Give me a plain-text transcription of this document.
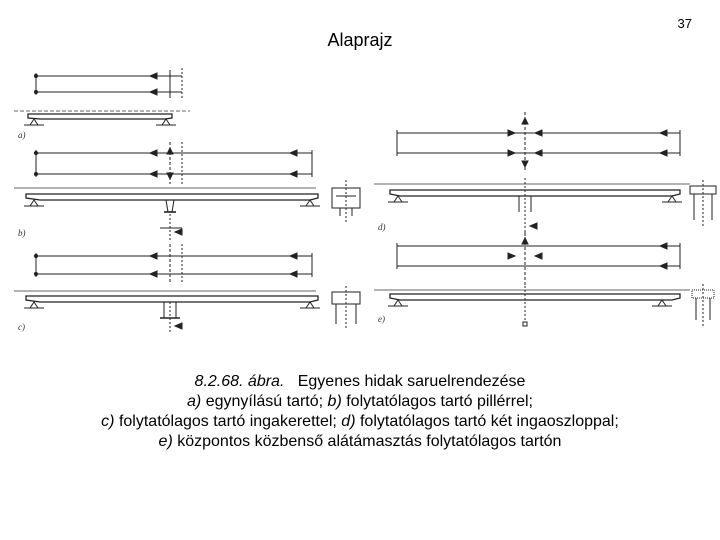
37
Alaprajz
a)
b)
c)
d)
e)
8.2.68. ábra. Egyenes hidak saruelrendezése
a) egynyílású tartó; b) folytatólagos tartó pillérrel;
c) folytatólagos tartó ingakerettel; d) folytatólagos tartó két ingaoszloppal;
e) központos közbenső alátámasztás folytatólagos tartón
